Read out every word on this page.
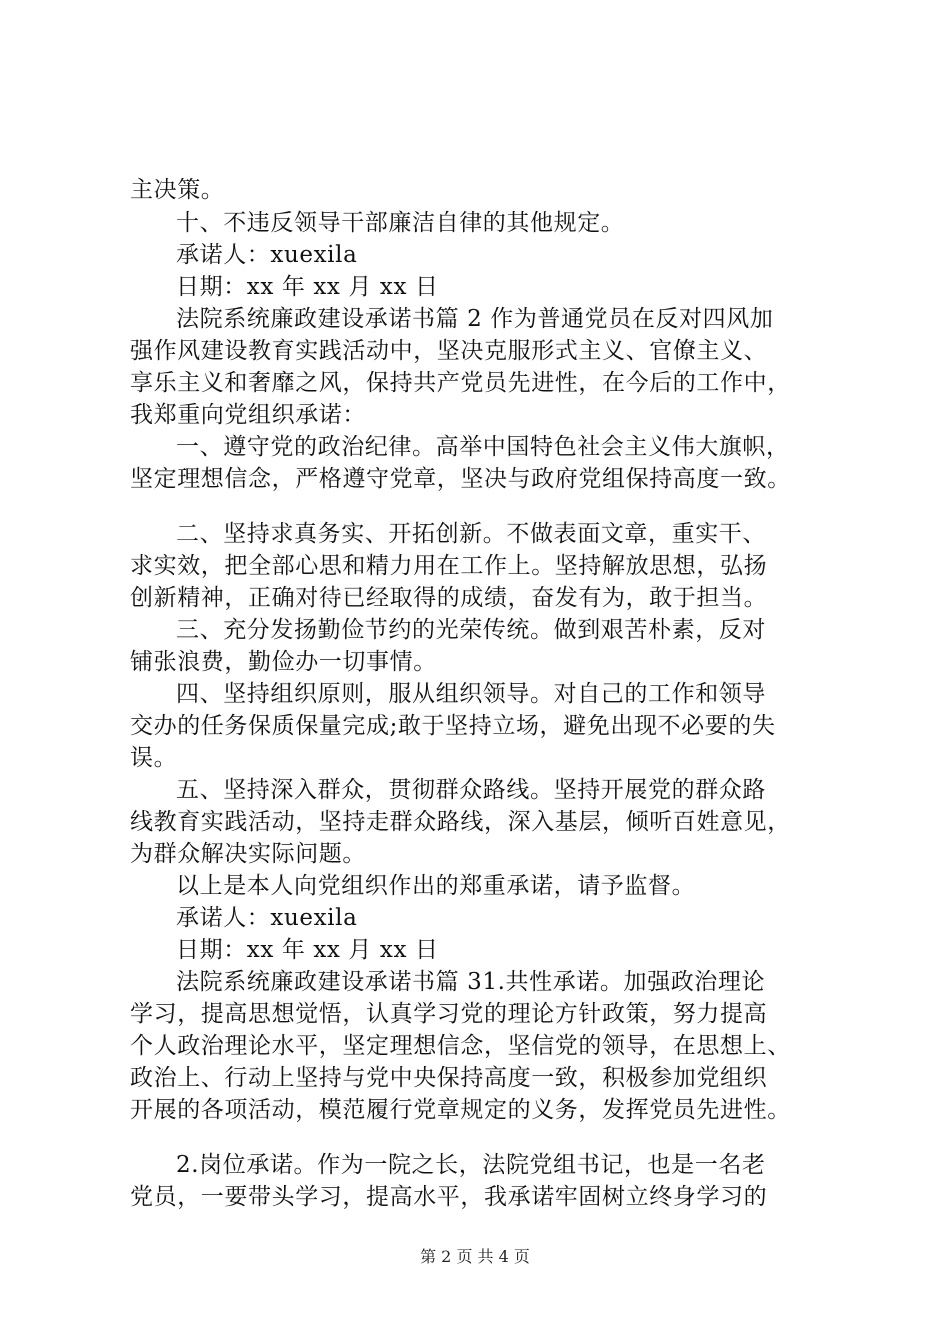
主决策。
十、不违反领导干部廉洁自律的其他规定。
承诺人：xuexila
日期：xx 年 xx 月 xx 日
法院系统廉政建设承诺书篇 2 作为普通党员在反对四风加
强作风建设教育实践活动中，坚决克服形式主义、官僚主义、
享乐主义和奢靡之风，保持共产党员先进性，在今后的工作中，
我郑重向党组织承诺：
一、遵守党的政治纪律。高举中国特色社会主义伟大旗帜，
坚定理想信念，严格遵守党章，坚决与政府党组保持高度一致。
二、坚持求真务实、开拓创新。不做表面文章，重实干、
求实效，把全部心思和精力用在工作上。坚持解放思想，弘扬
创新精神，正确对待已经取得的成绩，奋发有为，敢于担当。
三、充分发扬勤俭节约的光荣传统。做到艰苦朴素，反对
铺张浪费，勤俭办一切事情。
四、坚持组织原则，服从组织领导。对自己的工作和领导
交办的任务保质保量完成;敢于坚持立场，避免出现不必要的失
误。
五、坚持深入群众，贯彻群众路线。坚持开展党的群众路
线教育实践活动，坚持走群众路线，深入基层，倾听百姓意见，
为群众解决实际问题。
以上是本人向党组织作出的郑重承诺，请予监督。
承诺人：xuexila
日期：xx 年 xx 月 xx 日
法院系统廉政建设承诺书篇 31.共性承诺。加强政治理论
学习，提高思想觉悟，认真学习党的理论方针政策，努力提高
个人政治理论水平，坚定理想信念，坚信党的领导，在思想上、
政治上、行动上坚持与党中央保持高度一致，积极参加党组织
开展的各项活动，模范履行党章规定的义务，发挥党员先进性。
2.岗位承诺。作为一院之长，法院党组书记，也是一名老
党员，一要带头学习，提高水平，我承诺牢固树立终身学习的
第 2 页 共 4 页
